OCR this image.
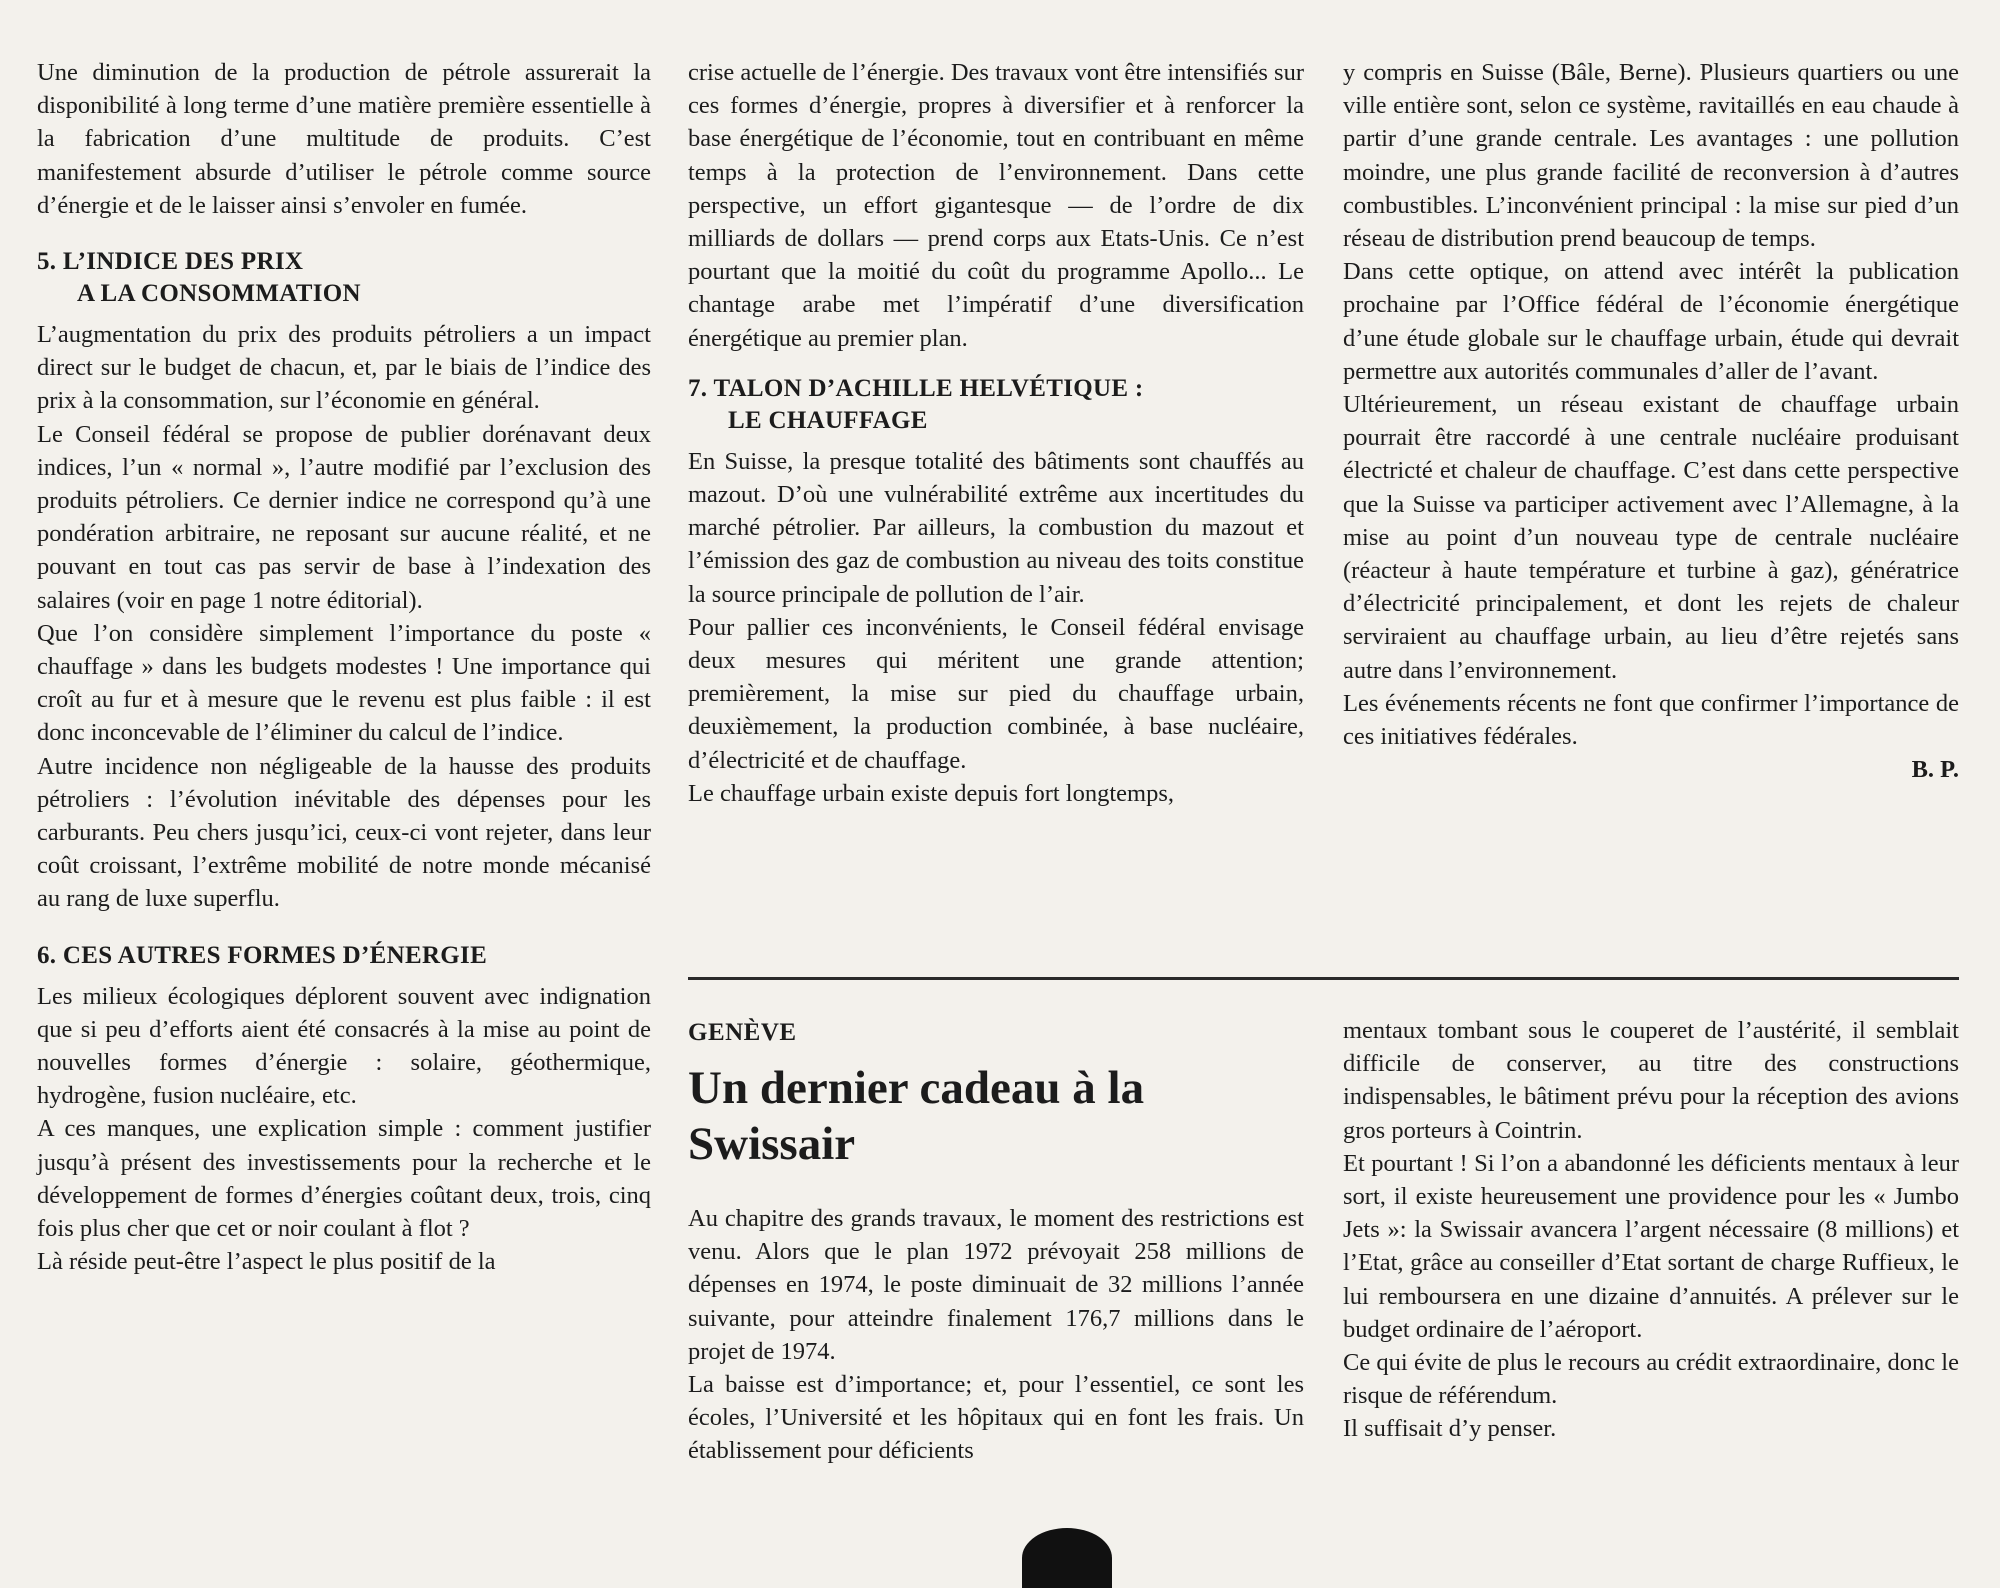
Une diminution de la production de pétrole assurerait la disponibilité à long terme d’une matière première essentielle à la fabrication d’une multitude de produits. C’est manifestement absurde d’utiliser le pétrole comme source d’énergie et de le laisser ainsi s’envoler en fumée.

5. L’INDICE DES PRIX
A LA CONSOMMATION

L’augmentation du prix des produits pétroliers a un impact direct sur le budget de chacun, et, par le biais de l’indice des prix à la consommation, sur l’économie en général.

Le Conseil fédéral se propose de publier dorénavant deux indices, l’un « normal », l’autre modifié par l’exclusion des produits pétroliers. Ce dernier indice ne correspond qu’à une pondération arbitraire, ne reposant sur aucune réalité, et ne pouvant en tout cas pas servir de base à l’indexation des salaires (voir en page 1 notre éditorial).

Que l’on considère simplement l’importance du poste « chauffage » dans les budgets modestes ! Une importance qui croît au fur et à mesure que le revenu est plus faible : il est donc inconcevable de l’éliminer du calcul de l’indice.

Autre incidence non négligeable de la hausse des produits pétroliers : l’évolution inévitable des dépenses pour les carburants. Peu chers jusqu’ici, ceux-ci vont rejeter, dans leur coût croissant, l’extrême mobilité de notre monde mécanisé au rang de luxe superflu.

6. CES AUTRES FORMES D’ÉNERGIE

Les milieux écologiques déplorent souvent avec indignation que si peu d’efforts aient été consacrés à la mise au point de nouvelles formes d’énergie : solaire, géothermique, hydrogène, fusion nucléaire, etc.

A ces manques, une explication simple : comment justifier jusqu’à présent des investissements pour la recherche et le développement de formes d’énergies coûtant deux, trois, cinq fois plus cher que cet or noir coulant à flot ?

Là réside peut-être l’aspect le plus positif de la

crise actuelle de l’énergie. Des travaux vont être intensifiés sur ces formes d’énergie, propres à diversifier et à renforcer la base énergétique de l’économie, tout en contribuant en même temps à la protection de l’environnement. Dans cette perspective, un effort gigantesque — de l’ordre de dix milliards de dollars — prend corps aux Etats-Unis. Ce n’est pourtant que la moitié du coût du programme Apollo... Le chantage arabe met l’impératif d’une diversification énergétique au premier plan.

7. TALON D’ACHILLE HELVÉTIQUE :
LE CHAUFFAGE

En Suisse, la presque totalité des bâtiments sont chauffés au mazout. D’où une vulnérabilité extrême aux incertitudes du marché pétrolier. Par ailleurs, la combustion du mazout et l’émission des gaz de combustion au niveau des toits constitue la source principale de pollution de l’air.

Pour pallier ces inconvénients, le Conseil fédéral envisage deux mesures qui méritent une grande attention; premièrement, la mise sur pied du chauffage urbain, deuxièmement, la production combinée, à base nucléaire, d’électricité et de chauffage.

Le chauffage urbain existe depuis fort longtemps,

y compris en Suisse (Bâle, Berne). Plusieurs quartiers ou une ville entière sont, selon ce système, ravitaillés en eau chaude à partir d’une grande centrale. Les avantages : une pollution moindre, une plus grande facilité de reconversion à d’autres combustibles. L’inconvénient principal : la mise sur pied d’un réseau de distribution prend beaucoup de temps.

Dans cette optique, on attend avec intérêt la publication prochaine par l’Office fédéral de l’économie énergétique d’une étude globale sur le chauffage urbain, étude qui devrait permettre aux autorités communales d’aller de l’avant.

Ultérieurement, un réseau existant de chauffage urbain pourrait être raccordé à une centrale nucléaire produisant électricté et chaleur de chauffage. C’est dans cette perspective que la Suisse va participer activement avec l’Allemagne, à la mise au point d’un nouveau type de centrale nucléaire (réacteur à haute température et turbine à gaz), génératrice d’électricité principalement, et dont les rejets de chaleur serviraient au chauffage urbain, au lieu d’être rejetés sans autre dans l’environnement.

Les événements récents ne font que confirmer l’importance de ces initiatives fédérales.

B. P.

GENÈVE
Un dernier cadeau à la Swissair

Au chapitre des grands travaux, le moment des restrictions est venu. Alors que le plan 1972 prévoyait 258 millions de dépenses en 1974, le poste diminuait de 32 millions l’année suivante, pour atteindre finalement 176,7 millions dans le projet de 1974.

La baisse est d’importance; et, pour l’essentiel, ce sont les écoles, l’Université et les hôpitaux qui en font les frais. Un établissement pour déficients

mentaux tombant sous le couperet de l’austérité, il semblait difficile de conserver, au titre des constructions indispensables, le bâtiment prévu pour la réception des avions gros porteurs à Cointrin.

Et pourtant ! Si l’on a abandonné les déficients mentaux à leur sort, il existe heureusement une providence pour les « Jumbo Jets »: la Swissair avancera l’argent nécessaire (8 millions) et l’Etat, grâce au conseiller d’Etat sortant de charge Ruffieux, le lui remboursera en une dizaine d’annuités. A prélever sur le budget ordinaire de l’aéroport.

Ce qui évite de plus le recours au crédit extraordinaire, donc le risque de référendum.

Il suffisait d’y penser.
